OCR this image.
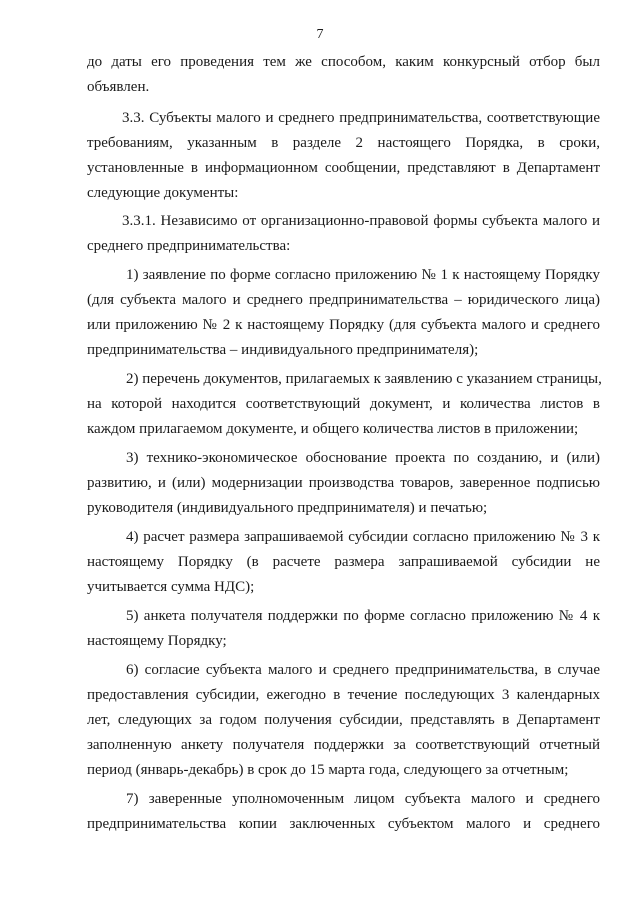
7
до даты его проведения тем же способом, каким конкурсный отбор был
объявлен.
3.3. Субъекты малого и среднего предпринимательства, соответствующие
требованиям, указанным в разделе 2 настоящего Порядка, в сроки,
установленные в информационном сообщении, представляют в Департамент
следующие документы:
3.3.1. Независимо от организационно-правовой формы субъекта малого и
среднего предпринимательства:
1) заявление по форме согласно приложению № 1 к настоящему Порядку
(для субъекта малого и среднего предпринимательства – юридического лица)
или приложению № 2 к настоящему Порядку (для субъекта малого и среднего
предпринимательства – индивидуального предпринимателя);
2) перечень документов, прилагаемых к заявлению с указанием страницы,
на которой находится соответствующий документ, и количества листов в
каждом прилагаемом документе, и общего количества листов в приложении;
3) технико-экономическое обоснование проекта по созданию, и (или)
развитию, и (или) модернизации производства товаров, заверенное подписью
руководителя (индивидуального предпринимателя) и печатью;
4) расчет размера запрашиваемой субсидии согласно приложению № 3 к
настоящему Порядку (в расчете размера запрашиваемой субсидии не
учитывается сумма НДС);
5) анкета получателя поддержки по форме согласно приложению № 4 к
настоящему Порядку;
6) согласие субъекта малого и среднего предпринимательства, в случае
предоставления субсидии, ежегодно в течение последующих 3 календарных
лет, следующих за годом получения субсидии, представлять в Департамент
заполненную анкету получателя поддержки за соответствующий отчетный
период (январь-декабрь) в срок до 15 марта года, следующего за отчетным;
7) заверенные уполномоченным лицом субъекта малого и среднего
предпринимательства копии заключенных субъектом малого и среднего
